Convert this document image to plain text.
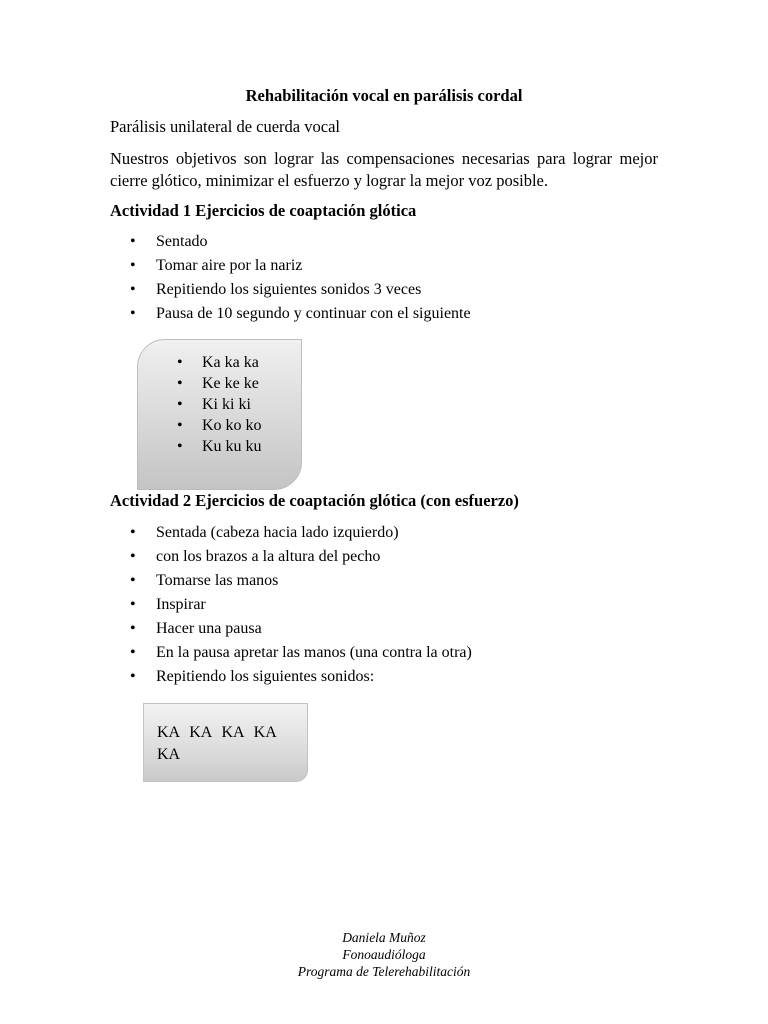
Rehabilitación vocal en parálisis cordal
Parálisis unilateral de cuerda vocal
Nuestros objetivos son lograr las compensaciones necesarias para lograr mejor cierre glótico, minimizar el esfuerzo y lograr la mejor voz posible.
Actividad 1 Ejercicios de coaptación glótica
• Sentado
• Tomar aire por la nariz
• Repitiendo los siguientes sonidos 3 veces
• Pausa de 10 segundo y continuar con el siguiente
• Ka ka ka
• Ke ke ke
• Ki ki ki
• Ko ko ko
• Ku ku ku
Actividad 2 Ejercicios de coaptación glótica (con esfuerzo)
• Sentada (cabeza hacia lado izquierdo)
• con los brazos a la altura del pecho
• Tomarse las manos
• Inspirar
• Hacer una pausa
• En la pausa apretar las manos (una contra la otra)
• Repitiendo los siguientes sonidos:
KA KA KA KA KA
Daniela Muñoz
Fonoaudióloga
Programa de Telerehabilitación
